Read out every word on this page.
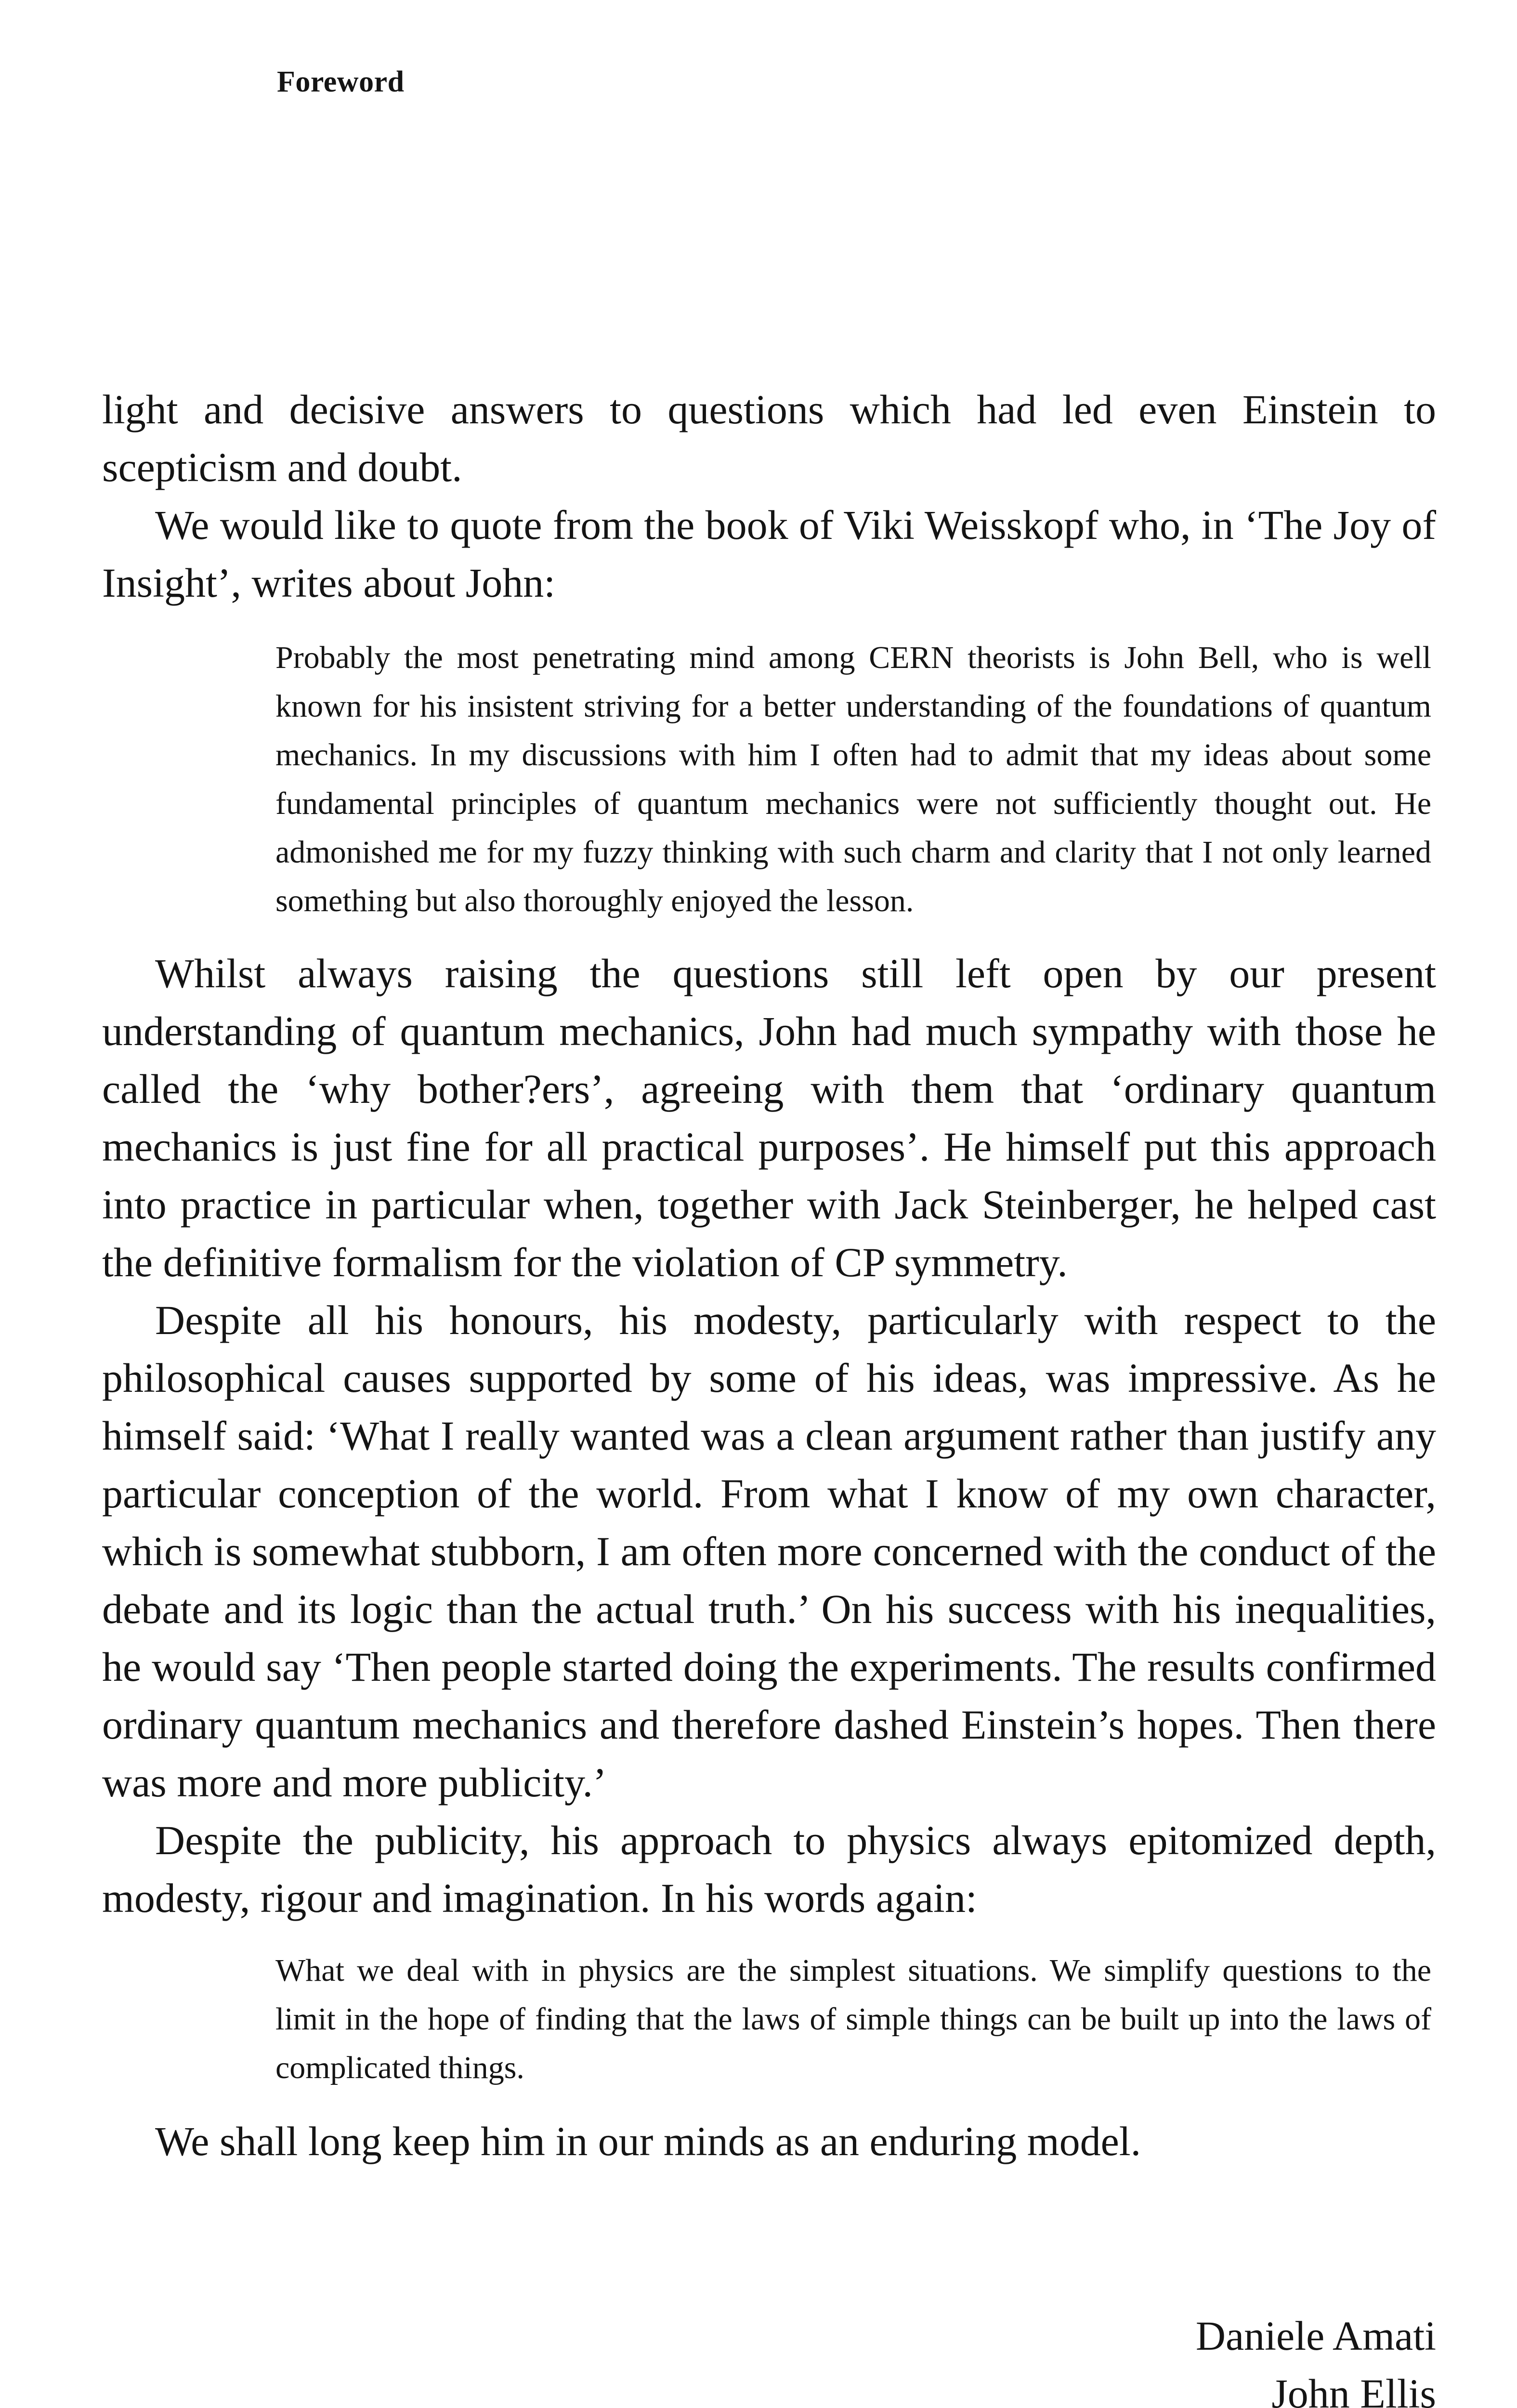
Foreword

light and decisive answers to questions which had led even Einstein to scepticism and doubt.

We would like to quote from the book of Viki Weisskopf who, in ‘The Joy of Insight’, writes about John:

Probably the most penetrating mind among CERN theorists is John Bell, who is well known for his insistent striving for a better understanding of the foundations of quantum mechanics. In my discussions with him I often had to admit that my ideas about some fundamental principles of quantum mechanics were not sufficiently thought out. He admonished me for my fuzzy thinking with such charm and clarity that I not only learned something but also thoroughly enjoyed the lesson.

Whilst always raising the questions still left open by our present understanding of quantum mechanics, John had much sympathy with those he called the ‘why bother?ers’, agreeing with them that ‘ordinary quantum mechanics is just fine for all practical purposes’. He himself put this approach into practice in particular when, together with Jack Steinberger, he helped cast the definitive formalism for the violation of CP symmetry.

Despite all his honours, his modesty, particularly with respect to the philosophical causes supported by some of his ideas, was impressive. As he himself said: ‘What I really wanted was a clean argument rather than justify any particular conception of the world. From what I know of my own character, which is somewhat stubborn, I am often more concerned with the conduct of the debate and its logic than the actual truth.’ On his success with his inequalities, he would say ‘Then people started doing the experiments. The results confirmed ordinary quantum mechanics and therefore dashed Einstein’s hopes. Then there was more and more publicity.’

Despite the publicity, his approach to physics always epitomized depth, modesty, rigour and imagination. In his words again:

What we deal with in physics are the simplest situations. We simplify questions to the limit in the hope of finding that the laws of simple things can be built up into the laws of complicated things.

We shall long keep him in our minds as an enduring model.

Daniele Amati
John Ellis
